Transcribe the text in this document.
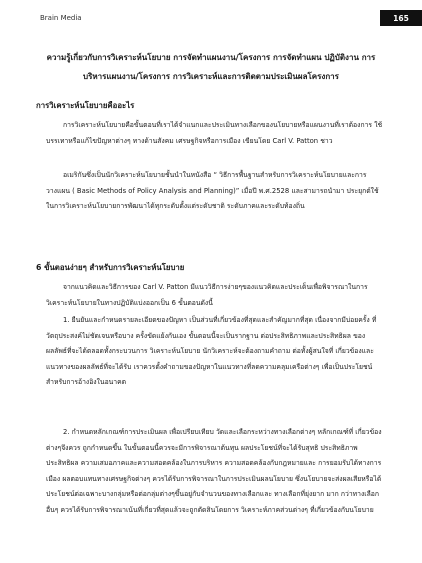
Brain Media	165
ความรู้เกี่ยวกับการวิเคราะห์นโยบาย การจัดทำแผนงาน/โครงการ การจัดทำแผน ปฏิบัติงาน การ
บริหารแผนงาน/โครงการ การวิเคราะห์และการติดตามประเมินผลโครงการ
การวิเคราะห์นโยบายคืออะไร

การวิเคราะห์นโยบายคือขั้นตอนที่เราได้จำแนกและประเมินทางเลือกของนโยบายหรือแผนงานที่เราต้องการ ใช้บรรเทาหรือแก้ไขปัญหาต่างๆ ทางด้านสังคม เศรษฐกิจหรือการเมือง เขียนโดย Carl V. Patton ชาว

อเมริกันซึ่งเป็นนักวิเคราะห์นโยบายชั้นนำในหนังสือ “ วิธีการพื้นฐานสำหรับการวิเคราะห์นโยบายและการ วางแผน ( Basic Methods of Policy Analysis and Planning)” เมื่อปี พ.ศ.2528 และสามารถนำมา ประยุกต์ใช้ในการวิเคราะห์นโยบายการพัฒนาได้ทุกระดับตั้งแต่ระดับชาติ ระดับภาคและระดับท้องถิ่น

6 ขั้นตอนง่ายๆ สำหรับการวิเคราะห์นโยบาย

จากแนวคิดและวิธีการของ Carl V. Patton มีแนววิธีการง่ายๆของแนวคิดและประเด็นเพื่อพิจารณาในการ วิเคราะห์นโยบายในทางปฏิบัติแบ่งออกเป็น 6 ขั้นตอนดังนี้

1. ยืนยันและกำหนดรายละเอียดของปัญหา เป็นส่วนที่เกี่ยวข้องที่สุดและสำคัญมากที่สุด เนื่องจากมีบ่อยครั้ง ที่วัตถุประสงค์ไม่ชัดเจนหรือบาง ครั้งขัดแย้งกันเอง ขั้นตอนนี้จะเป็นรากฐาน ต่อประสิทธิภาพและประสิทธิผล ของผลลัพธ์ที่จะได้ตลอดทั้งกระบวนการ วิเคราะห์นโยบาย นักวิเคราะห์จะต้องถามคำถาม ต่อทั้งผู้สนใจที่ เกี่ยวข้องและแนวทางของผลลัพธ์ที่จะได้รับ เราควรตั้งคำถามของปัญหาในแนวทางที่ลดความคลุมเครือต่างๆ เพื่อเป็นประโยชน์สำหรับการอ้างอิงในอนาคต

2. กำหนดหลักเกณฑ์การประเมินผล เพื่อเปรียบเทียบ วัดและเลือกระหว่างทางเลือกต่างๆ หลักเกณฑ์ที่ เกี่ยวข้องต่างๆจึงควร ถูกกำหนดขึ้น ในขั้นตอนนี้ควรจะมีการพิจารณาต้นทุน ผลประโยชน์ที่จะได้รับสุทธิ ประสิทธิภาพ ประสิทธิผล ความเสมอภาคและความสอดคล้องในการบริหาร ความสอดคล้องกับกฎหมายและ การยอมรับได้ทางการเมือง ผลตอบแทนทางเศรษฐกิจต่างๆ ควรได้รับการพิจารณาในการประเมินผลนโยบาย ซึ่งนโยบายจะส่งผลเสียหรือได้ประโยชน์ต่อเฉพาะบางกลุ่มหรือต่อกลุ่มต่างๆขึ้นอยู่กับจำนวนของทางเลือกและ ทางเลือกที่ยุ่งยาก มาก กว่าทางเลือกอื่นๆ ควรได้รับการพิจารณาเน้นที่เกี่ยวที่สุดแล้วจะถูกตัดสินโดยการ วิเคราะห์ภาคส่วนต่างๆ ที่เกี่ยวข้องกับนโยบาย
